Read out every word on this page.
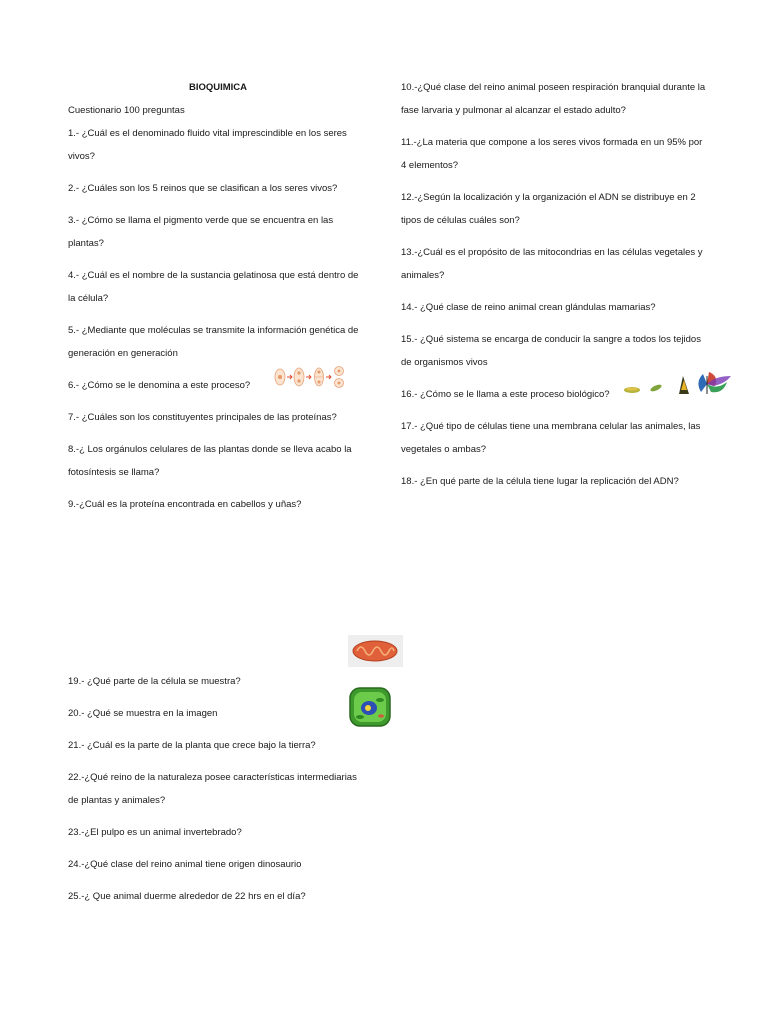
BIOQUIMICA

Cuestionario 100 preguntas

1.- ¿Cuál es el denominado fluido vital imprescindible en los seres vivos?

2.- ¿Cuáles son los 5 reinos que se clasifican a los seres vivos?

3.- ¿Cómo se llama el pigmento verde que se encuentra en las plantas?

4.- ¿Cuál es el nombre de la sustancia gelatinosa que está dentro de la célula?

5.- ¿Mediante que moléculas se transmite la información genética de generación en generación

6.- ¿Cómo se le denomina a este proceso?

7.- ¿Cuáles son los constituyentes principales de las proteínas?

8.-¿ Los orgánulos celulares de las plantas donde se lleva acabo la fotosíntesis se llama?

9.-¿Cuál es la proteína encontrada en cabellos y uñas?

10.-¿Qué clase del reino animal poseen respiración branquial durante la fase larvaria y pulmonar al alcanzar el estado adulto?

11.-¿La materia que compone a los seres vivos formada en un 95% por 4 elementos?

12.-¿Según la localización y la organización el ADN se distribuye en 2 tipos de células cuáles son?

13.-¿Cuál es el propósito de las mitocondrias en las células vegetales y animales?

14.- ¿Qué clase de reino animal crean glándulas mamarias?

15.- ¿Qué sistema se encarga de conducir la sangre a todos los tejidos de organismos vivos

16.- ¿Cómo se le llama a este proceso biológico?

17.- ¿Qué tipo de células tiene una membrana celular las animales, las vegetales o ambas?

18.- ¿En qué parte de la célula tiene lugar la replicación del ADN?

19.- ¿Qué parte de la célula se muestra?

20.- ¿Qué se muestra en la imagen

21.- ¿Cuál es la parte de la planta que crece bajo la tierra?

22.-¿Qué reino de la naturaleza posee características intermediarias de plantas y animales?

23.-¿El pulpo es un animal invertebrado?

24.-¿Qué clase del reino animal tiene origen dinosaurio

25.-¿ Que animal duerme alrededor de 22 hrs en el día?
